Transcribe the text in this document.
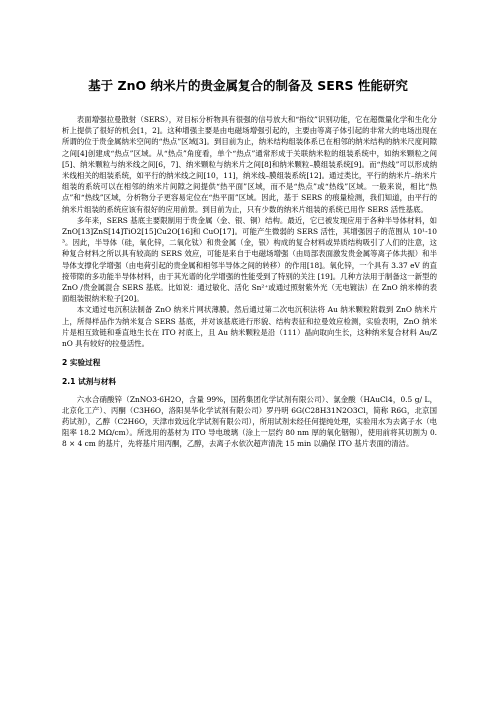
基于 ZnO 纳米片的贵金属复合的制备及 SERS 性能研究

表面增强拉曼散射（SERS），对目标分析物具有很强的信号放大和“指纹”识别功能，它在超微量化学和生化分析上提供了很好的机会[1，2]。这种增强主要是由电磁场增强引起的，主要由等离子体引起的非常大的电场出现在所谓的位于贵金属纳米空间的“热点”区域[3]。到目前为止，纳米结构组装体系已在相邻的纳米结构的纳米尺度间隙之间[4]创建成“热点”区域。从“热点”角度看，单个“热点”通常形成于关联纳米粒的组装系统中，如纳米颗粒之间[5]、纳米颗粒与纳米线之间[6，7]、纳米颗粒与纳米片之间[8]和纳米颗粒–膜组装系统[9]。而“热线”可以形成纳米线相关的组装系统，如平行的纳米线之间[10，11]，纳米线–膜组装系统[12]。通过类比，平行的纳米片–纳米片组装的系统可以在相邻的纳米片间隙之间提供“热平面”区域，而不是“热点”或“热线”区域。一般来说，相比“热点”和“热线”区域，分析物分子更容易定位在“热平面”区域。因此，基于 SERS 的痕量检测，我们知道，由平行的纳米片组装的系统应该有很好的应用前景。到目前为止，只有少数的纳米片组装的系统已用作 SERS 活性基底。

多年来，SERS 基底主要限制用于贵金属（金、银、铜）结构。最近，它已被发现应用于各种半导体材料，如 ZnO[13]ZnS[14]TiO2[15]Cu2O[16]和 CuO[17]。可能产生微弱的 SERS 活性，其增强因子的范围从 10¹-10³。因此，半导体（硅，氧化锌，二氧化钛）和贵金属（金，银）构成的复合材料或异质结构吸引了人们的注意，这种复合材料之所以具有较高的 SERS 效应，可能是来自于电磁场增强（由局部表面激发贵金属等离子体共振）和半导体支撑化学增强（由电荷引起的贵金属和相邻半导体之间的转移）的作用[18]。氧化锌，一个具有 3.37 eV 的直接带隙的多功能半导体材料，由于其光谱的化学增强的性能受到了特别的关注 [19]。几种方法用于制备这一新型的 ZnO /贵金属混合 SERS 基底。比如说：通过敏化、活化 Sn²⁺或通过照射紫外光（无电镀法）在 ZnO 纳米棒的表面组装银纳米粒子[20]。

本文通过电沉积法制备 ZnO 纳米片网状薄膜。然后通过第二次电沉积法将 Au 纳米颗粒附载到 ZnO 纳米片上，所得样品作为纳米复合 SERS 基底，并对该基底进行形貌、结构表征和拉曼效应检测，实验表明，ZnO 纳米片是相互致链和垂直地生长在 ITO 衬底上，且 Au 纳米颗粒是沿（111）晶向取向生长，这种纳米复合材料 Au/ZnO 具有较好的拉曼活性。

2 实验过程

2.1 试剂与材料

六水合硝酸锌（ZnNO3·6H2O，含量 99%，国药集团化学试剂有限公司）、氯金酸（HAuCl4，0.5 g/ L，北京化工产）、丙酮（C3H6O，洛阳昊华化学试剂有限公司）罗丹明 6G(C28H31N2O3Cl，简称 R6G，北京国药试剂），乙醇（C2H6O，天津市致远化学试剂有限公司），所用试剂未经任何提纯处理，实验用水为去离子水（电阻率 18.2 MΩ/cm）。所选用的基材为 ITO 导电玻璃（涂上一层约 80 nm 厚的氧化铟锡），使用前将其切割为 0.8 × 4 cm 的基片，先将基片用丙酮，乙醇，去离子水依次超声清洗 15 min 以确保 ITO 基片表面的清洁。
